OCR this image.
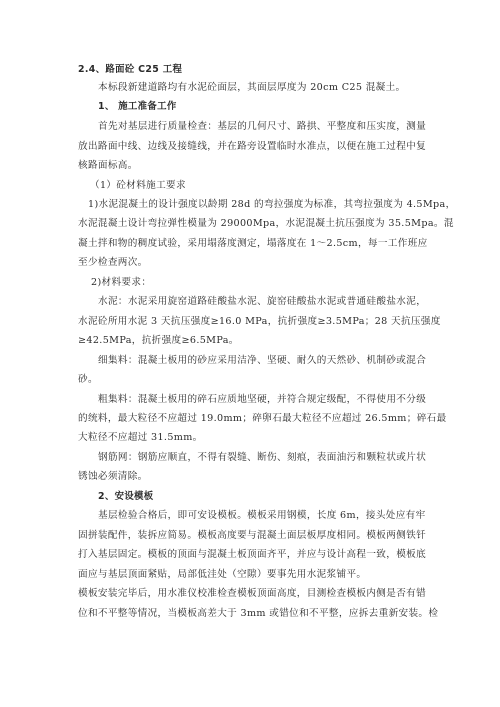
2.4、路面砼 C25 工程
本标段新建道路均有水泥砼面层，其面层厚度为 20cm C25 混凝土。
1、 施工准备工作
首先对基层进行质量检查：基层的几何尺寸、路拱、平整度和压实度，测量
放出路面中线、边线及接缝线，并在路旁设置临时水准点，以便在施工过程中复
核路面标高。
（1）砼材料施工要求
1)水泥混凝土的设计强度以龄期 28d 的弯拉强度为标准，其弯拉强度为 4.5Mpa，
水泥混凝土设计弯拉弹性模量为 29000Mpa，水泥混凝土抗压强度为 35.5Mpa。混
凝土拌和物的稠度试验，采用塌落度测定，塌落度在 1～2.5cm，每一工作班应
至少检查两次。
2)材料要求：
水泥：水泥采用旋窑道路硅酸盐水泥、旋窑硅酸盐水泥或普通硅酸盐水泥，
水泥砼所用水泥 3 天抗压强度≥16.0 MPa，抗折强度≥3.5MPa；28 天抗压强度
≥42.5MPa，抗折强度≥6.5MPa。
细集料：混凝土板用的砂应采用洁净、坚硬、耐久的天然砂、机制砂或混合
砂。
粗集料：混凝土板用的碎石应质地坚硬，并符合规定级配，不得使用不分级
的统料，最大粒径不应超过 19.0mm；碎卵石最大粒径不应超过 26.5mm；碎石最
大粒径不应超过 31.5mm。
钢筋网：钢筋应顺直，不得有裂缝、断伤、刻痕，表面油污和颗粒状或片状
锈蚀必须清除。
2、安设模板
基层检验合格后，即可安设模板。模板采用钢模，长度 6m，接头处应有牢
固拼装配件，装拆应简易。模板高度要与混凝土面层板厚度相同。模板两侧铁钎
打入基层固定。模板的顶面与混凝土板顶面齐平，并应与设计高程一致，模板底
面应与基层顶面紧贴，局部低洼处（空隙）要事先用水泥浆铺平。
模板安装完毕后，用水准仪校准检查模板顶面高度，目测检查模板内侧是否有错
位和不平整等情况，当模板高差大于 3mm 或错位和不平整，应拆去重新安装。检
